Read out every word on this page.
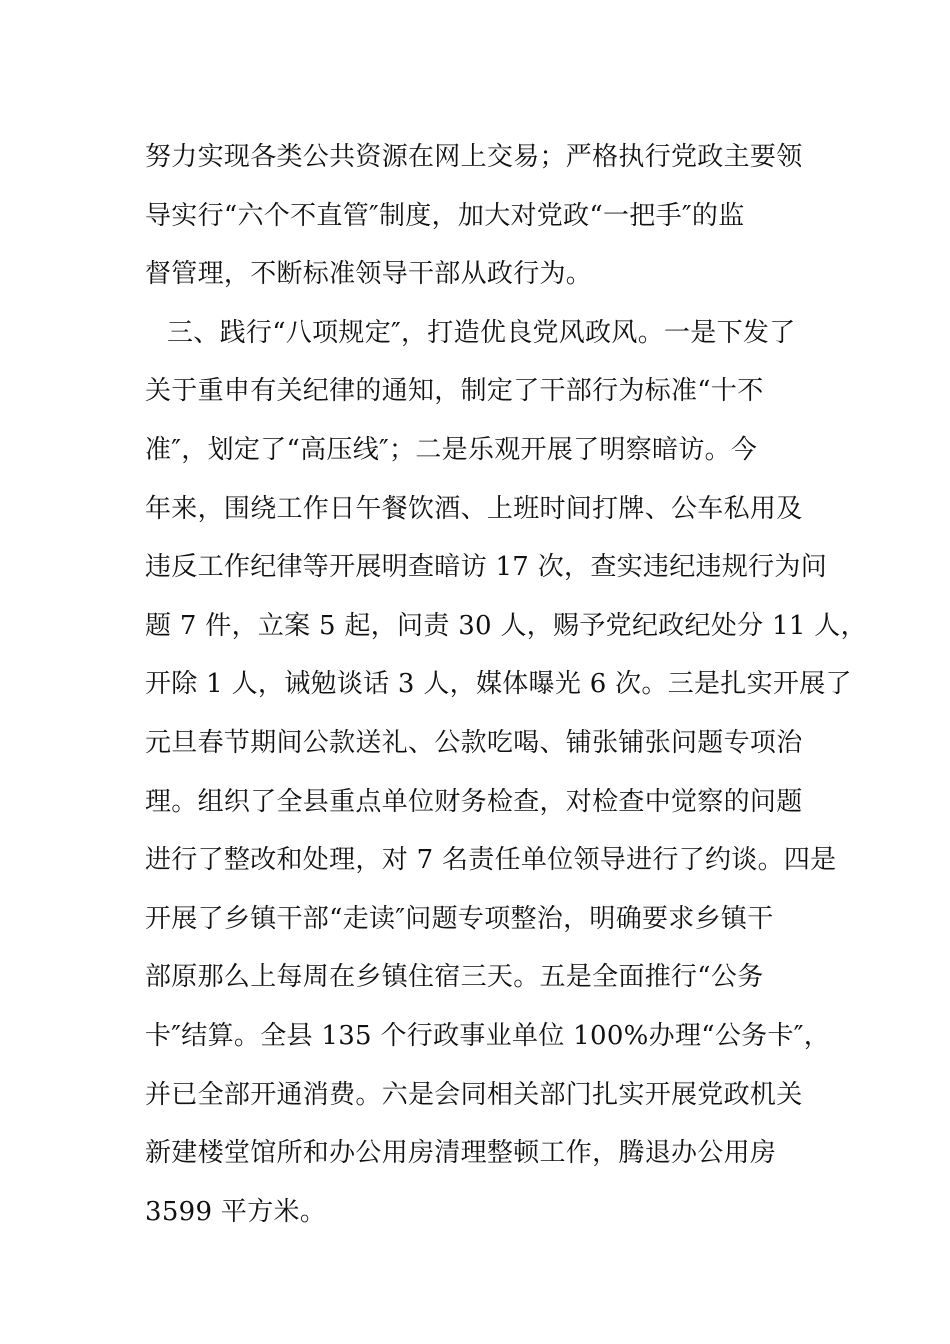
努力实现各类公共资源在网上交易；严格执行党政主要领
导实行“六个不直管″制度，加大对党政“一把手″的监
督管理，不断标准领导干部从政行为。
三、践行“八项规定″，打造优良党风政风。一是下发了
关于重申有关纪律的通知，制定了干部行为标准“十不
准″，划定了“高压线″；二是乐观开展了明察暗访。今
年来，围绕工作日午餐饮酒、上班时间打牌、公车私用及
违反工作纪律等开展明查暗访 17 次，查实违纪违规行为问
题 7 件，立案 5 起，问责 30 人，赐予党纪政纪处分 11 人，
开除 1 人，诫勉谈话 3 人，媒体曝光 6 次。三是扎实开展了
元旦春节期间公款送礼、公款吃喝、铺张铺张问题专项治
理。组织了全县重点单位财务检查，对检查中觉察的问题
进行了整改和处理，对 7 名责任单位领导进行了约谈。四是
开展了乡镇干部“走读″问题专项整治，明确要求乡镇干
部原那么上每周在乡镇住宿三天。五是全面推行“公务
卡″结算。全县 135 个行政事业单位 100%办理“公务卡″，
并已全部开通消费。六是会同相关部门扎实开展党政机关
新建楼堂馆所和办公用房清理整顿工作，腾退办公用房
3599 平方米。
